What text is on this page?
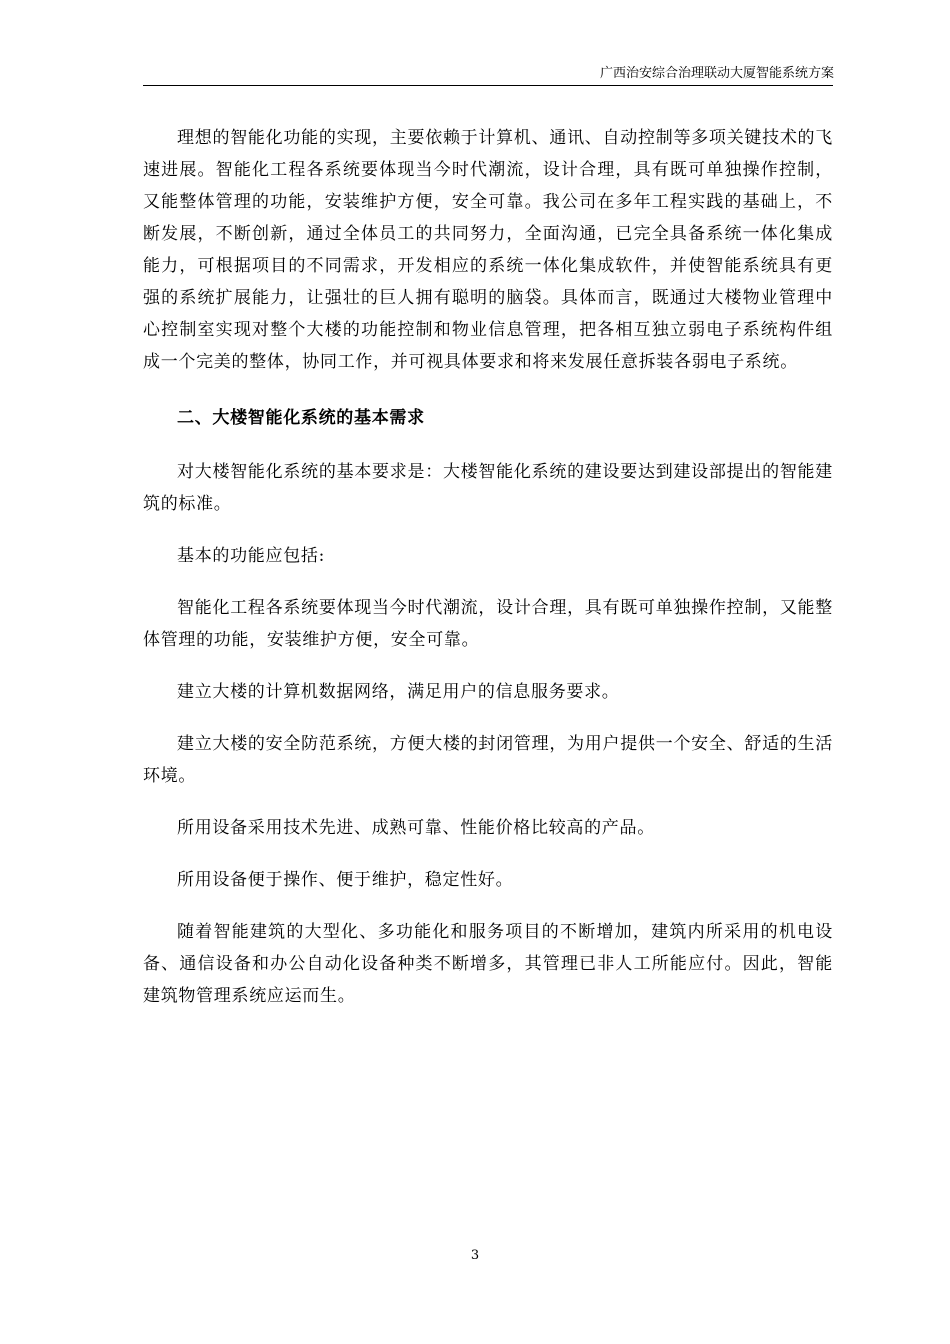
广西治安综合治理联动大厦智能系统方案

理想的智能化功能的实现，主要依赖于计算机、通讯、自动控制等多项关键技术的飞速进展。智能化工程各系统要体现当今时代潮流，设计合理，具有既可单独操作控制，又能整体管理的功能，安装维护方便，安全可靠。我公司在多年工程实践的基础上，不断发展，不断创新，通过全体员工的共同努力，全面沟通，已完全具备系统一体化集成能力，可根据项目的不同需求，开发相应的系统一体化集成软件，并使智能系统具有更强的系统扩展能力，让强壮的巨人拥有聪明的脑袋。具体而言，既通过大楼物业管理中心控制室实现对整个大楼的功能控制和物业信息管理，把各相互独立弱电子系统构件组成一个完美的整体，协同工作，并可视具体要求和将来发展任意拆装各弱电子系统。

二、大楼智能化系统的基本需求

对大楼智能化系统的基本要求是：大楼智能化系统的建设要达到建设部提出的智能建筑的标准。

基本的功能应包括:

智能化工程各系统要体现当今时代潮流，设计合理，具有既可单独操作控制，又能整体管理的功能，安装维护方便，安全可靠。

建立大楼的计算机数据网络，满足用户的信息服务要求。

建立大楼的安全防范系统，方便大楼的封闭管理，为用户提供一个安全、舒适的生活环境。

所用设备采用技术先进、成熟可靠、性能价格比较高的产品。

所用设备便于操作、便于维护，稳定性好。

随着智能建筑的大型化、多功能化和服务项目的不断增加，建筑内所采用的机电设备、通信设备和办公自动化设备种类不断增多，其管理已非人工所能应付。因此，智能建筑物管理系统应运而生。

3
